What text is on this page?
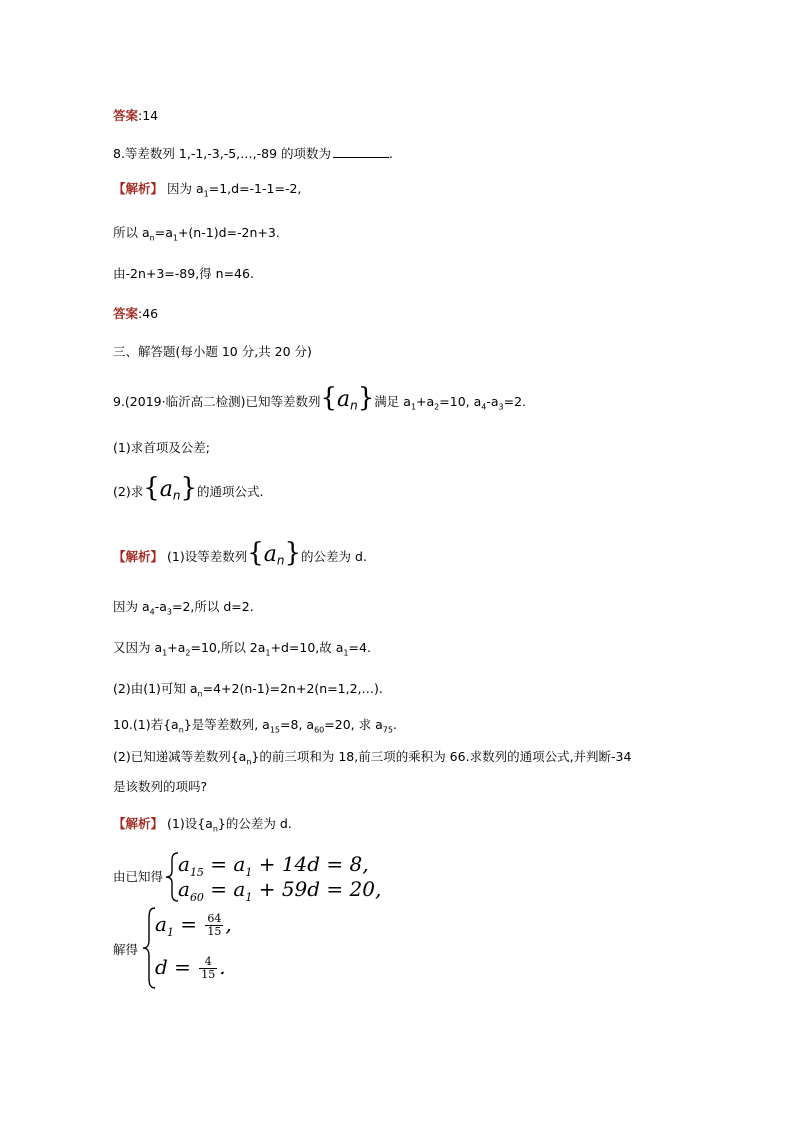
答案:14
8.等差数列 1,-1,-3,-5,…,-89 的项数为	.
【解析】 因为 $a_1=1,d=-1-1=-2$,
所以 $a_n=a_1+(n-1)d=-2n+3$.
由-2n+3=-89,得 n=46.
答案:46
三、解答题(每小题 10 分,共 20 分)
9.(2019·临沂高二检测)已知等差数列$\{a_n\}$满足 $a_1+a_2=10$, $a_4-a_3=2$.
(1)求首项及公差;
(2)求$\{a_n\}$的通项公式.
【解析】 (1)设等差数列$\{a_n\}$的公差为 d.
因为 $a_4-a_3=2$,所以 d=2.
又因为 $a_1+a_2=10$,所以 $2a_1+d=10$,故 $a_1=4$.
(2)由(1)可知 $a_n=4+2(n-1)=2n+2(n=1,2,\dots)$.
10.(1)若$\{a_n\}$是等差数列, $a_{15}=8$, $a_{60}=20$, 求 $a_{75}$.
(2)已知递减等差数列$\{a_n\}$的前三项和为 18,前三项的乘积为 66.求数列的通项公式,并判断-34
是该数列的项吗?
【解析】 (1)设$\{a_n\}$的公差为 d.
由已知得
$a_{15} = a_1 + 14d = 8$,
$a_{60} = a_1 + 59d = 20$,
解得
$a_1 = \frac{64}{15}$ ,
$d = \frac{4}{15}$ .
